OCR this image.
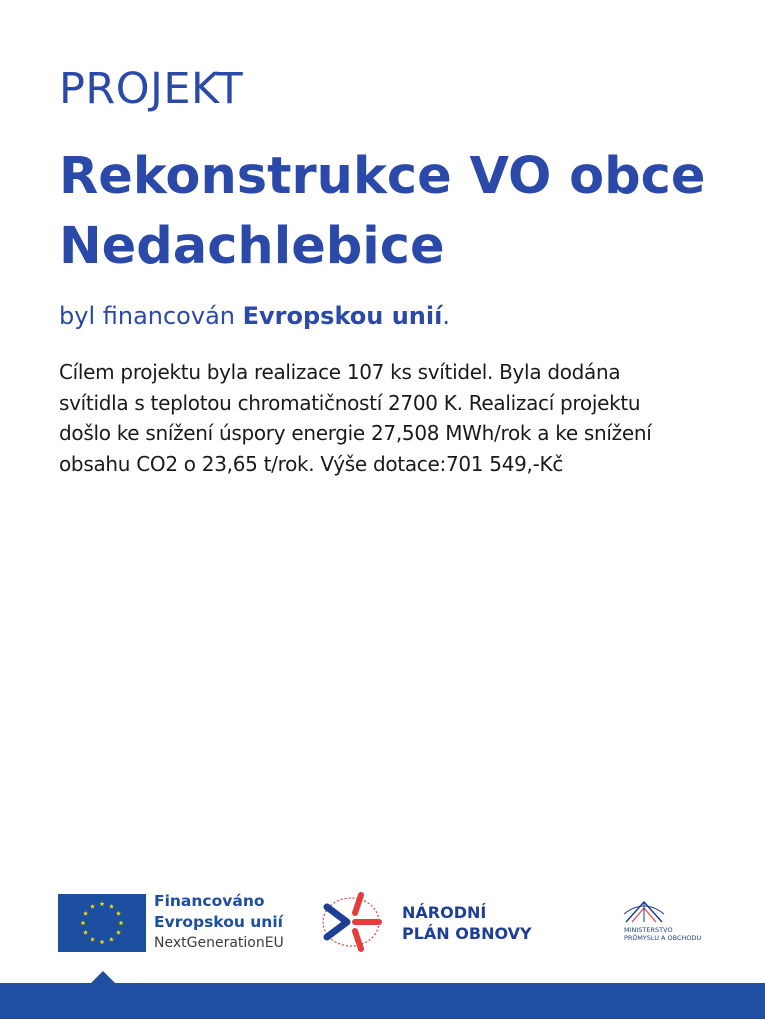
PROJEKT
Rekonstrukce VO obce
Nedachlebice
byl financován Evropskou unií.

Cílem projektu byla realizace 107 ks svítidel. Byla dodána
svítidla s teplotou chromatičností 2700 K. Realizací projektu
došlo ke snížení úspory energie 27,508 MWh/rok a ke snížení
obsahu CO2 o 23,65 t/rok. Výše dotace:701 549,-Kč

Financováno
Evropskou unií
NextGenerationEU
NÁRODNÍ
PLÁN OBNOVY	MINISTERSTVO
PRŮMYSLU A OBCHODU
